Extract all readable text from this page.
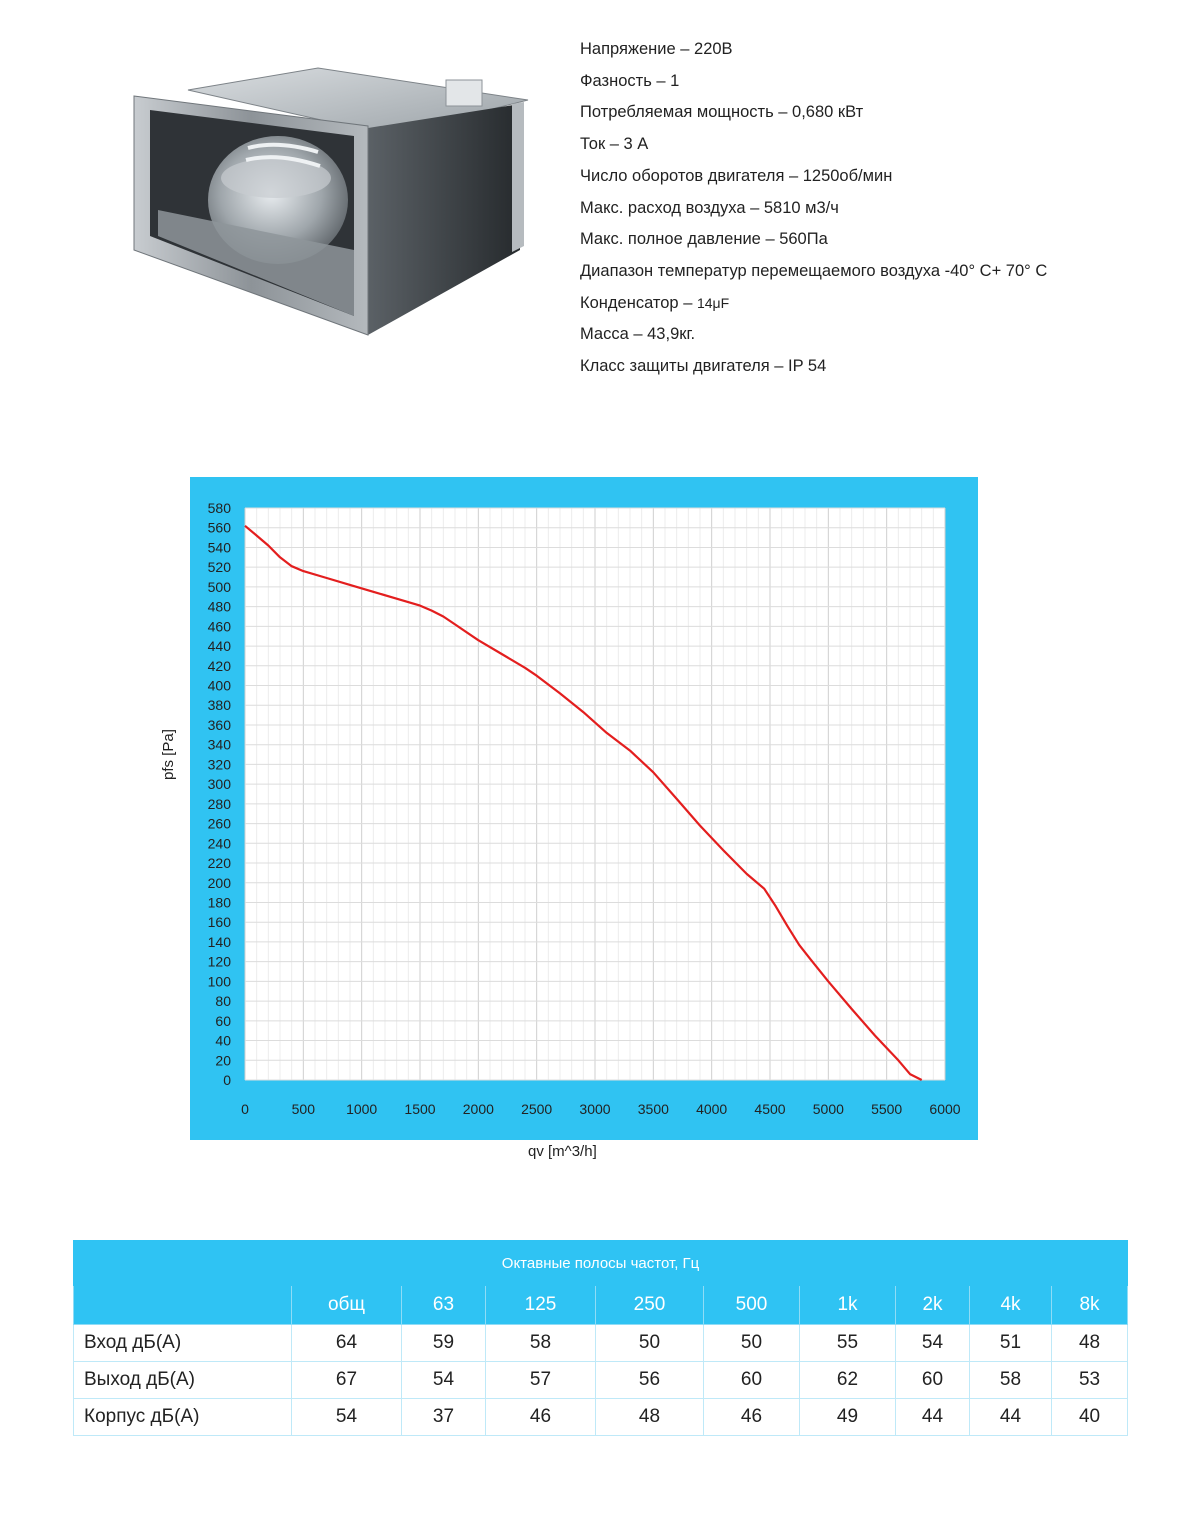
Напряжение – 220В
Фазность – 1
Потребляемая мощность – 0,680 кВт
Ток – 3 А
Число оборотов двигателя – 1250об/мин
Макс. расход воздуха – 5810 м3/ч
Макс. полное давление – 560Па
Диапазон температур перемещаемого воздуха -40° С+ 70° С
Конденсатор – 14μF
Масса – 43,9кг.
Класс защиты двигателя – IP 54
0
20
40
60
80
100
120
140
160
180
200
220
240
260
280
300
320
340
360
380
400
420
440
460
480
500
520
540
560
580
0	500 1000 1500 2000 2500 3000 3500 4000 4500 5000 5500 6000
pfs [Pa]
qv [m^3/h]
Октавные полосы частот, Гц									
	общ	63	125	250	500	1k	2k	4k	8k
Вход дБ(А)	64	59	58	50	50	55	54	51	48
Выход дБ(А)	67	54	57	56	60	62	60	58	53
Корпус дБ(А)	54	37	46	48	46	49	44	44	40
